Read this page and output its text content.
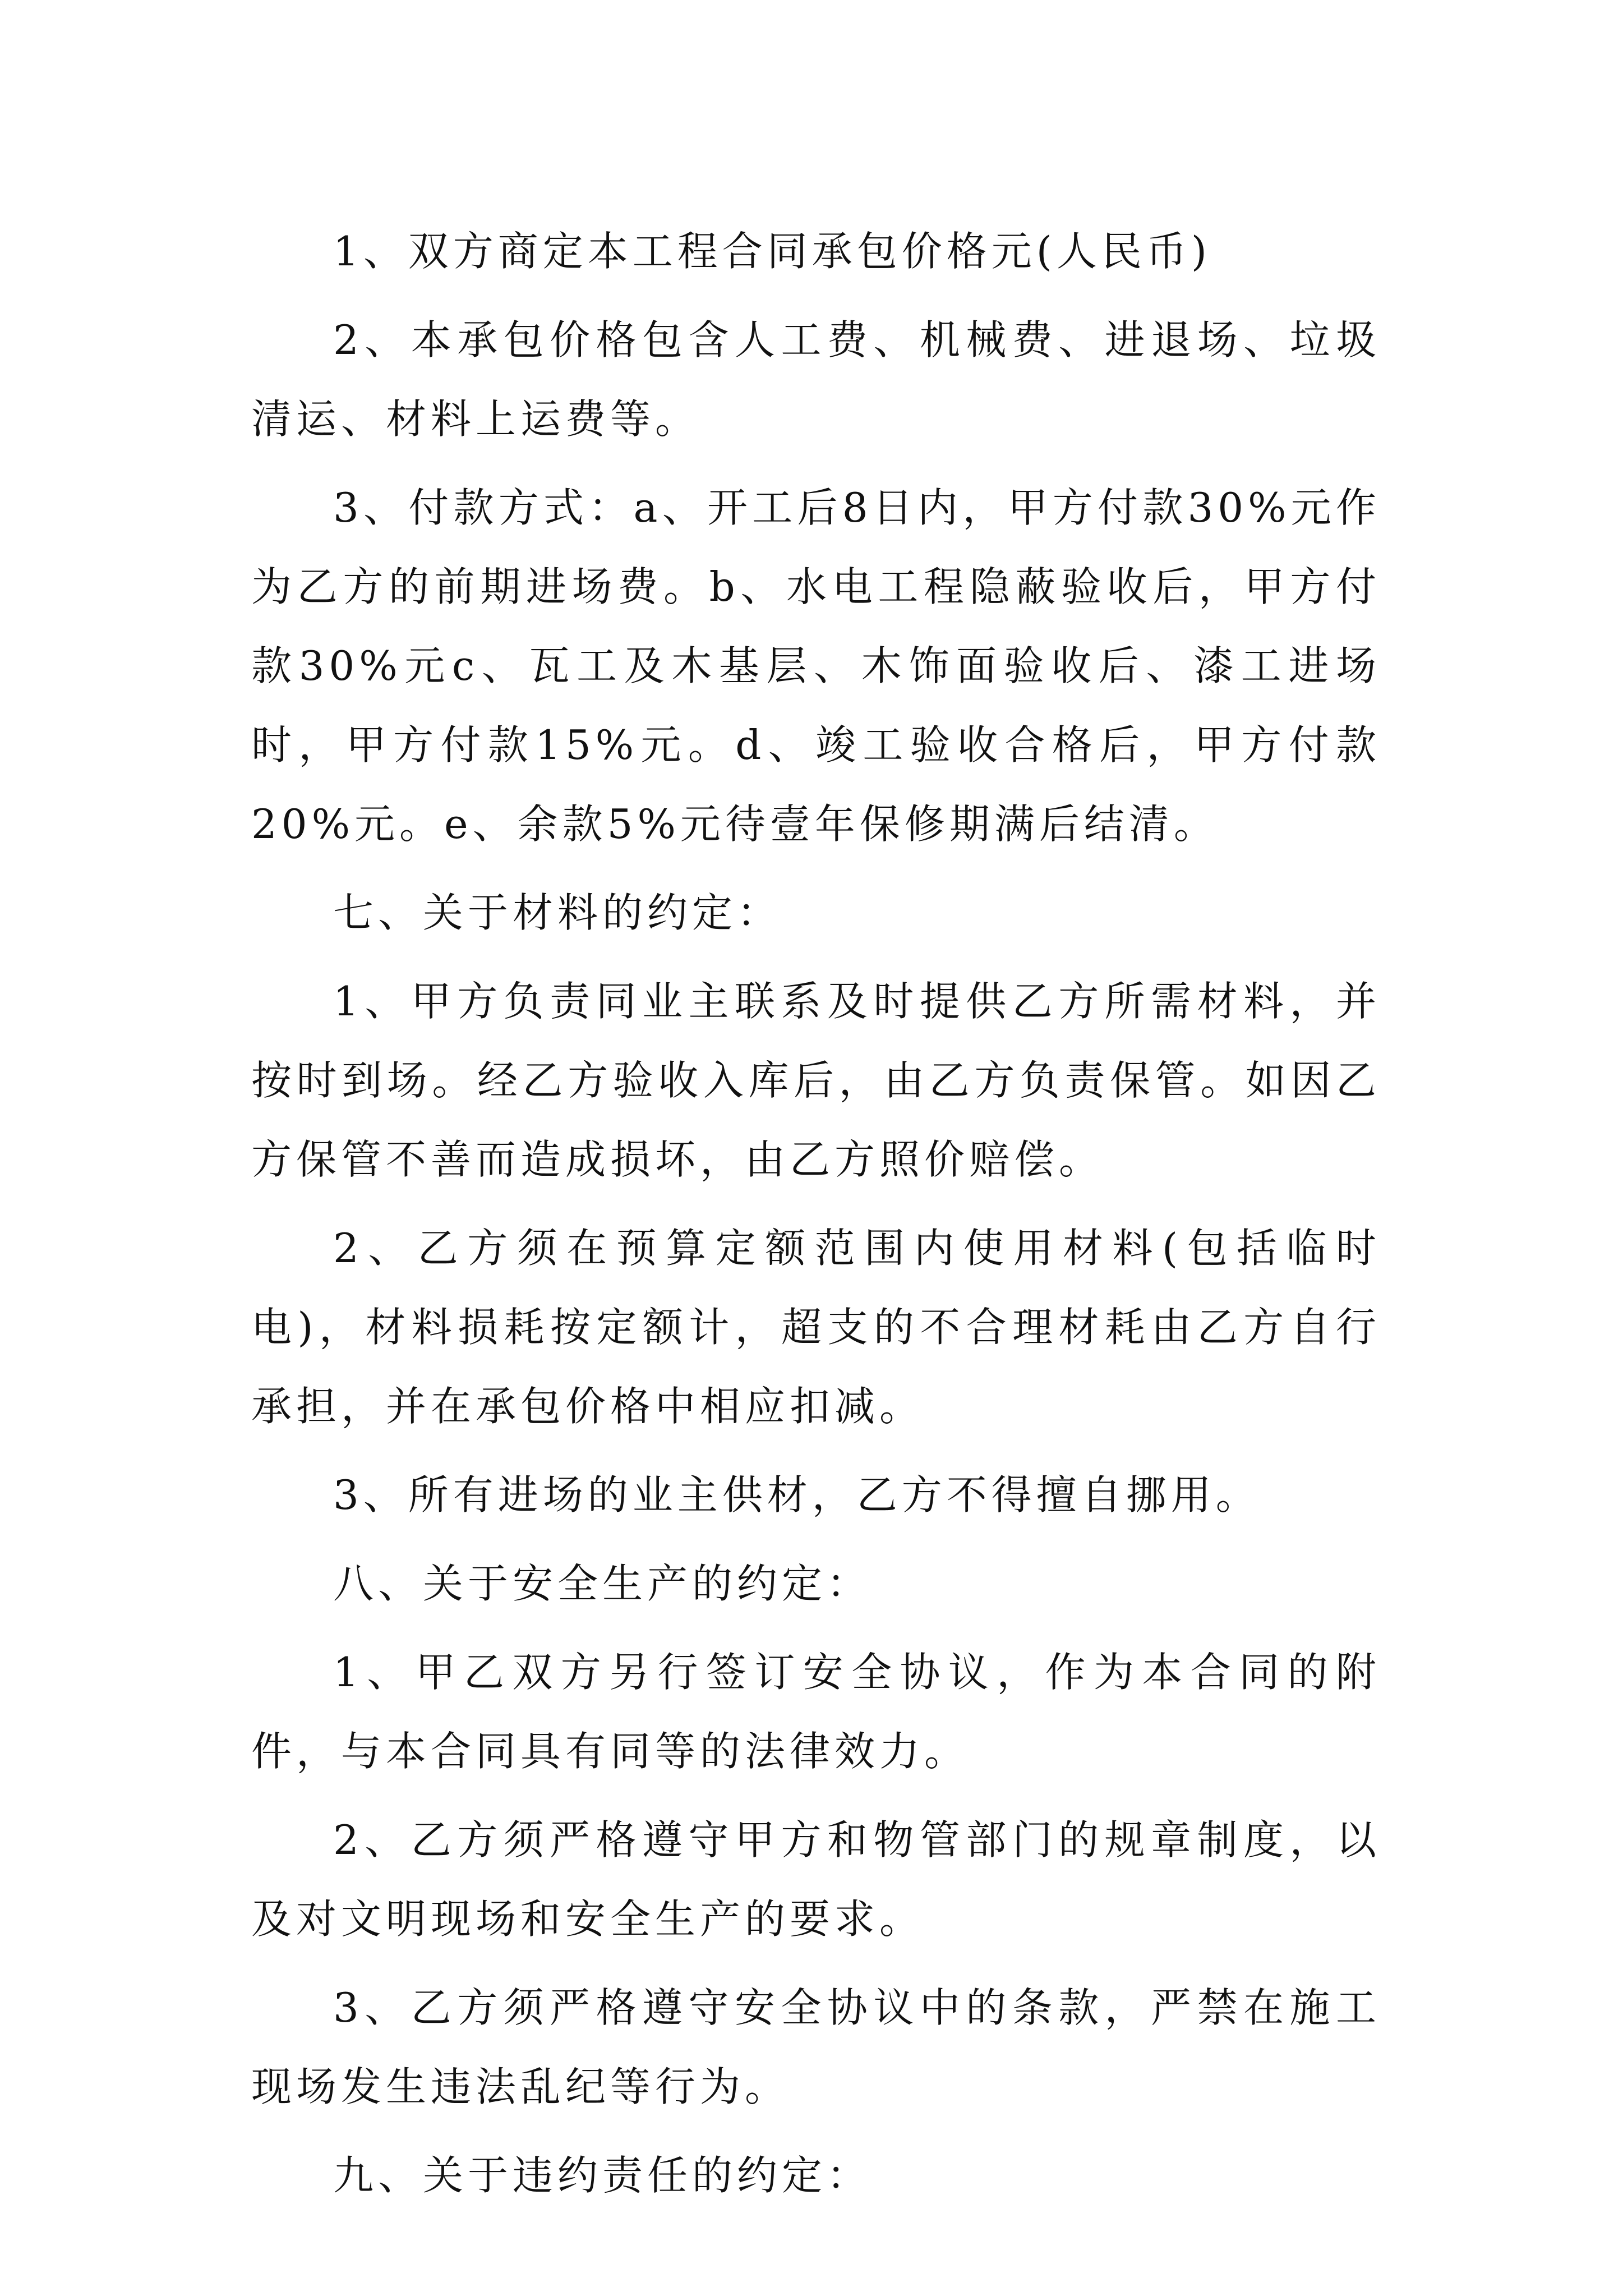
1、双方商定本工程合同承包价格元(人民币)

2、本承包价格包含人工费、机械费、进退场、垃圾清运、材料上运费等。

3、付款方式：a、开工后8日内，甲方付款30%元作为乙方的前期进场费。b、水电工程隐蔽验收后，甲方付款30%元c、瓦工及木基层、木饰面验收后、漆工进场时，甲方付款15%元。d、竣工验收合格后，甲方付款20%元。e、余款5%元待壹年保修期满后结清。

七、关于材料的约定：

1、甲方负责同业主联系及时提供乙方所需材料，并按时到场。经乙方验收入库后，由乙方负责保管。如因乙方保管不善而造成损坏，由乙方照价赔偿。

2、乙方须在预算定额范围内使用材料(包括临时电)，材料损耗按定额计，超支的不合理材耗由乙方自行承担，并在承包价格中相应扣减。

3、所有进场的业主供材，乙方不得擅自挪用。

八、关于安全生产的约定：

1、甲乙双方另行签订安全协议，作为本合同的附件，与本合同具有同等的法律效力。

2、乙方须严格遵守甲方和物管部门的规章制度，以及对文明现场和安全生产的要求。

3、乙方须严格遵守安全协议中的条款，严禁在施工现场发生违法乱纪等行为。

九、关于违约责任的约定：
